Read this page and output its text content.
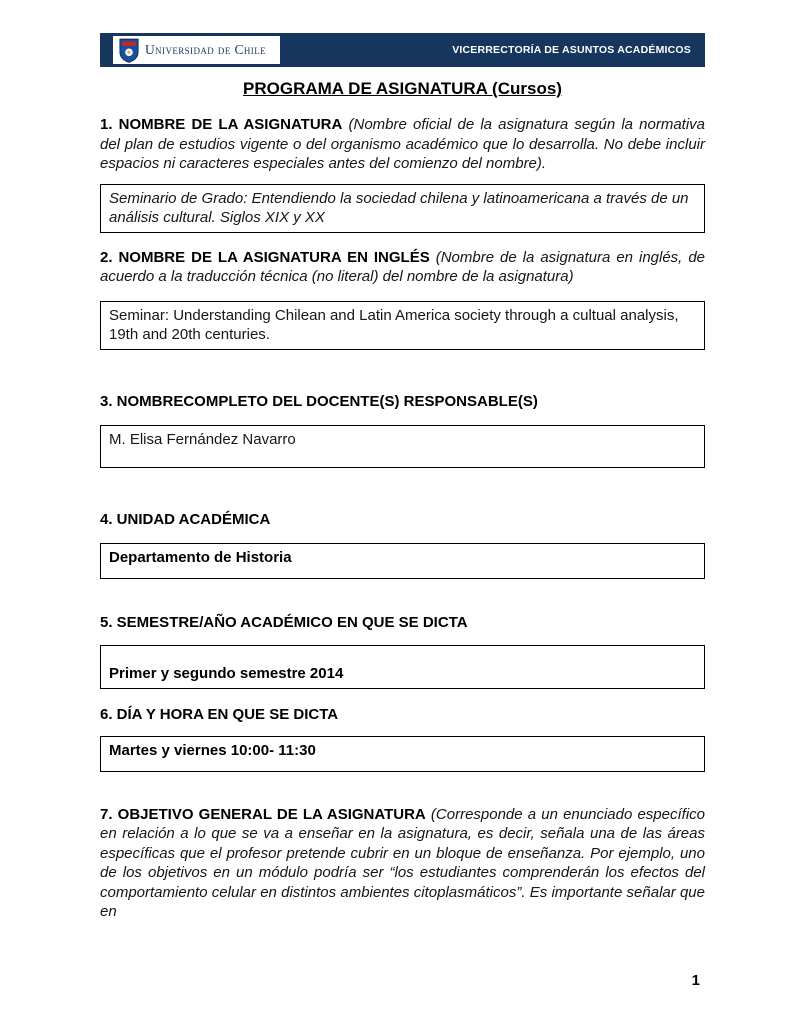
Universidad de Chile	VICERRECTORÍA DE ASUNTOS ACADÉMICOS
PROGRAMA DE ASIGNATURA (Cursos)

1. NOMBRE DE LA ASIGNATURA (Nombre oficial de la asignatura según la normativa del plan de estudios vigente o del organismo académico que lo desarrolla. No debe incluir espacios ni caracteres especiales antes del comienzo del nombre).

Seminario de Grado: Entendiendo la sociedad chilena y latinoamericana a través de un análisis cultural. Siglos XIX y XX

2. NOMBRE DE LA ASIGNATURA EN INGLÉS (Nombre de la asignatura en inglés, de acuerdo a la traducción técnica (no literal) del nombre de la asignatura)

Seminar: Understanding Chilean and Latin America society through a cultual analysis, 19th and 20th centuries.

3. NOMBRECOMPLETO DEL DOCENTE(S) RESPONSABLE(S)

M. Elisa Fernández Navarro

4. UNIDAD ACADÉMICA

Departamento de Historia

5. SEMESTRE/AÑO ACADÉMICO EN QUE SE DICTA

Primer y segundo semestre 2014

6. DÍA Y HORA EN QUE SE DICTA

Martes y viernes 10:00- 11:30

7. OBJETIVO GENERAL DE LA ASIGNATURA (Corresponde a un enunciado específico en relación a lo que se va a enseñar en la asignatura, es decir, señala una de las áreas específicas que el profesor pretende cubrir en un bloque de enseñanza. Por ejemplo, uno de los objetivos en un módulo podría ser “los estudiantes comprenderán los efectos del comportamiento celular en distintos ambientes citoplasmáticos”. Es importante señalar que en

1
